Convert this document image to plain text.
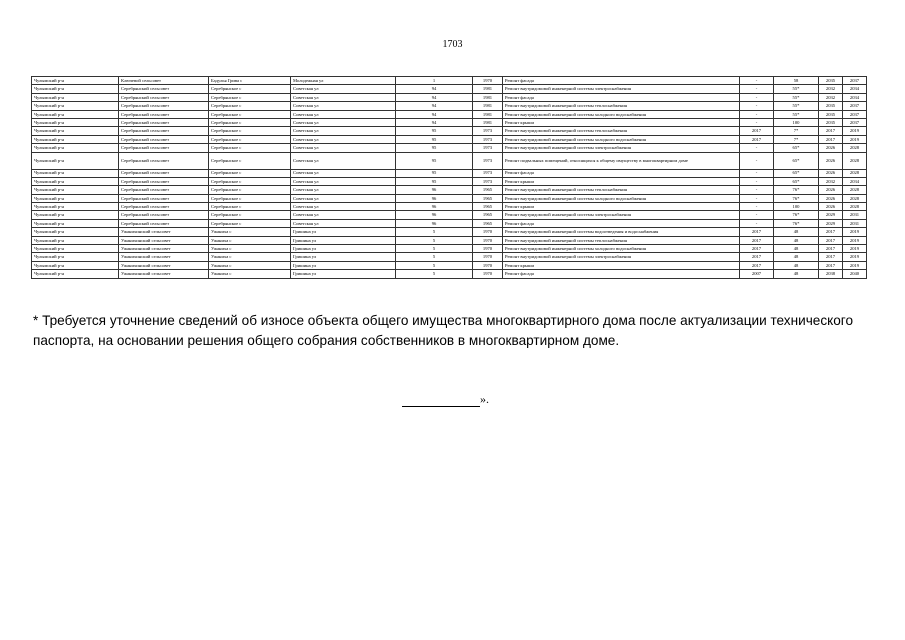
1703
Чулымский р-н	Ключевой сельсовет	Бадулья Грива с	Молодежная ул	1	1970	Ремонт фасада	-	58	2035	2037
Чулымский р-н	Серебрянский сельсовет	Серебрянское с	Советская ул	94	1981	Ремонт внутридомовой инженерной системы электроснабжения	-	55*	2032	2034
Чулымский р-н	Серебрянский сельсовет	Серебрянское с	Советская ул	94	1981	Ремонт фасада	-	55*	2032	2034
Чулымский р-н	Серебрянский сельсовет	Серебрянское с	Советская ул	94	1981	Ремонт внутридомовой инженерной системы теплоснабжения	-	55*	2035	2037
Чулымский р-н	Серебрянский сельсовет	Серебрянское с	Советская ул	94	1981	Ремонт внутридомовой инженерной системы холодного водоснабжения	-	55*	2035	2037
Чулымский р-н	Серебрянский сельсовет	Серебрянское с	Советская ул	94	1981	Ремонт крыши	-	100	2035	2037
Чулымский р-н	Серебрянский сельсовет	Серебрянское с	Советская ул	95	1973	Ремонт внутридомовой инженерной системы теплоснабжения	2017	7*	2017	2019
Чулымский р-н	Серебрянский сельсовет	Серебрянское с	Советская ул	95	1973	Ремонт внутридомовой инженерной системы холодного водоснабжения	2017	7*	2017	2019
Чулымский р-н	Серебрянский сельсовет	Серебрянское с	Советская ул	95	1973	Ремонт внутридомовой инженерной системы электроснабжения	-	65*	2026	2028
Чулымский р-н	Серебрянский сельсовет	Серебрянское с	Советская ул	95	1973	Ремонт подвальных помещений, относящихся к общему имуществу в многоквартирном доме	-	65*	2026	2028
Чулымский р-н	Серебрянский сельсовет	Серебрянское с	Советская ул	95	1973	Ремонт фасада	-	65*	2026	2028
Чулымский р-н	Серебрянский сельсовет	Серебрянское с	Советская ул	95	1973	Ремонт крыши	-	65*	2032	2034
Чулымский р-н	Серебрянский сельсовет	Серебрянское с	Советская ул	96	1965	Ремонт внутридомовой инженерной системы теплоснабжения	-	76*	2026	2028
Чулымский р-н	Серебрянский сельсовет	Серебрянское с	Советская ул	96	1965	Ремонт внутридомовой инженерной системы холодного водоснабжения	-	76*	2026	2028
Чулымский р-н	Серебрянский сельсовет	Серебрянское с	Советская ул	96	1965	Ремонт крыши	-	100	2026	2028
Чулымский р-н	Серебрянский сельсовет	Серебрянское с	Советская ул	96	1965	Ремонт внутридомовой инженерной системы электроснабжения	-	76*	2029	2031
Чулымский р-н	Серебрянский сельсовет	Серебрянское с	Советская ул	96	1965	Ремонт фасада	-	76*	2029	2031
Чулымский р-н	Ужанихинский сельсовет	Ужаниха с	Гришина ул	5	1970	Ремонт внутридомовой инженерной системы водоотведения и водоснабжения	2017	48	2017	2019
Чулымский р-н	Ужанихинский сельсовет	Ужаниха с	Гришина ул	5	1970	Ремонт внутридомовой инженерной системы теплоснабжения	2017	48	2017	2019
Чулымский р-н	Ужанихинский сельсовет	Ужаниха с	Гришина ул	5	1970	Ремонт внутридомовой инженерной системы холодного водоснабжения	2017	48	2017	2019
Чулымский р-н	Ужанихинский сельсовет	Ужаниха с	Гришина ул	5	1970	Ремонт внутридомовой инженерной системы электроснабжения	2017	48	2017	2019
Чулымский р-н	Ужанихинский сельсовет	Ужаниха с	Гришина ул	5	1970	Ремонт крыши	2017	48	2017	2019
Чулымский р-н	Ужанихинский сельсовет	Ужаниха с	Гришина ул	5	1970	Ремонт фасада	2007	48	2038	2040
* Требуется уточнение сведений об износе объекта общего имущества многоквартирного дома после актуализации технического паспорта, на основании решения общего собрания собственников в многоквартирном доме.
».
